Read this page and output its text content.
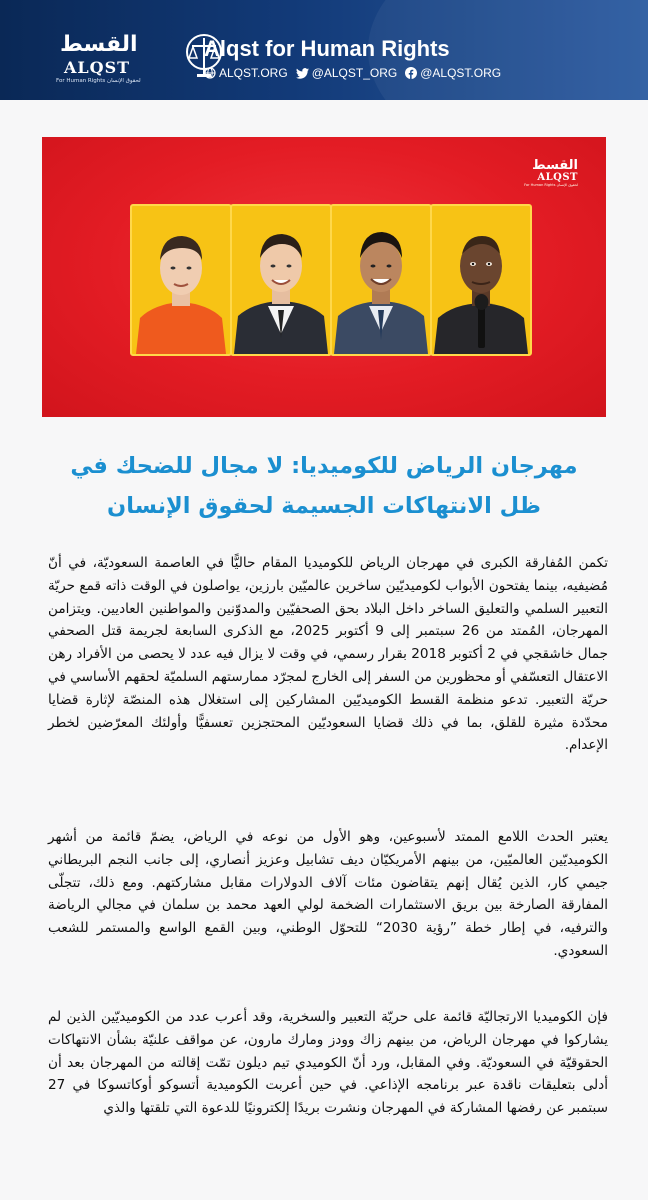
القسط
ALQST
For Human Rights لحقوق الإنسان
Alqst for Human Rights
ALQST.ORG @ALQST_ORG @ALQST.ORG
القسط
ALQST
For Human Rights لحقوق الإنسان
مهرجان الرياض للكوميديا: لا مجال للضحك في
ظل الانتهاكات الجسيمة لحقوق الإنسان
تكمن المُفارقة الكبرى في مهرجان الرياض للكوميديا المقام حاليًّا في العاصمة السعوديّة، في أنّ مُضيفيه، بينما يفتحون الأبواب لكوميديّين ساخرين عالميّين بارزين، يواصلون في الوقت ذاته قمع حريّة التعبير السلمي والتعليق الساخر داخل البلاد بحق الصحفيّين والمدوّنين والمواطنين العاديين. ويتزامن المهرجان، المُمتد من 26 سبتمبر إلى 9 أكتوبر 2025، مع الذكرى السابعة لجريمة قتل الصحفي جمال خاشقجي في 2 أكتوبر 2018 بقرار رسمي، في وقت لا يزال فيه عدد لا يحصى من الأفراد رهن الاعتقال التعسّفي أو محظورين من السفر إلى الخارج لمجرّد ممارستهم السلميّة لحقهم الأساسي في حريّة التعبير. تدعو منظمة القسط الكوميديّين المشاركين إلى استغلال هذه المنصّة لإثارة قضايا محدّدة مثيرة للقلق، بما في ذلك قضايا السعوديّين المحتجزين تعسفيًّا وأولئك المعرّضين لخطر الإعدام.
يعتبر الحدث اللامع الممتد لأسبوعين، وهو الأول من نوعه في الرياض، يضمّ قائمة من أشهر الكوميديّين العالميّين، من بينهم الأمريكيّان ديف تشابيل وعزيز أنصاري، إلى جانب النجم البريطاني جيمي كار، الذين يُقال إنهم يتقاضون مئات آلاف الدولارات مقابل مشاركتهم. ومع ذلك، تتجلّى المفارقة الصارخة بين بريق الاستثمارات الضخمة لولي العهد محمد بن سلمان في مجالي الرياضة والترفيه، في إطار خطة ”رؤية 2030“ للتحوّل الوطني، وبين القمع الواسع والمستمر للشعب السعودي.
فإن الكوميديا الارتجاليّة قائمة على حريّة التعبير والسخرية، وقد أعرب عدد من الكوميديّين الذين لم يشاركوا في مهرجان الرياض، من بينهم زاك وودز ومارك مارون، عن مواقف علنيّة بشأن الانتهاكات الحقوقيّة في السعوديّة. وفي المقابل، ورد أنّ الكوميدي تيم ديلون تمّت إقالته من المهرجان بعد أن أدلى بتعليقات ناقدة عبر برنامجه الإذاعي. في حين أعربت الكوميدية أتسوكو أوكاتسوكا في 27 سبتمبر عن رفضها المشاركة في المهرجان ونشرت بريدًا إلكترونيًا للدعوة التي تلقتها والذي
